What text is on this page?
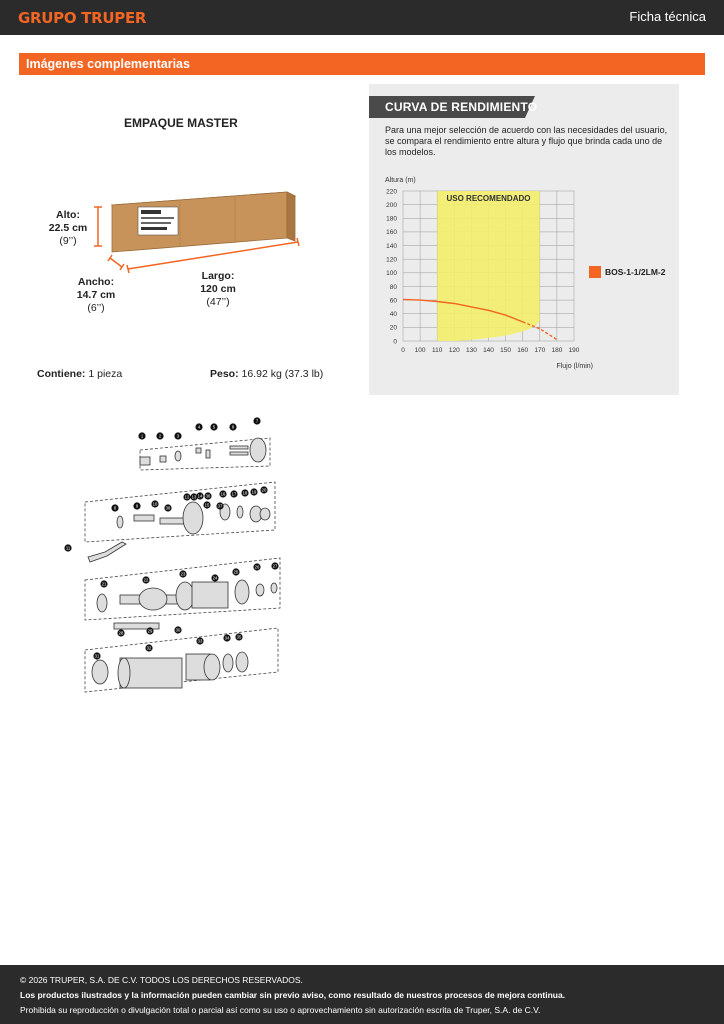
GRUPO TRUPER	Ficha técnica
Imágenes complementarias
EMPAQUE MASTER
Alto:
22.5 cm
(9’’)
Ancho:
14.7 cm
(6’’)
Largo:
120 cm
(47’’)
Contiene: 1 pieza	Peso: 16.92 kg (37.3 lb)
CURVA DE RENDIMIENTO
Para una mejor selección de acuerdo con las necesidades del usuario, se compara el rendimiento entre altura y flujo que brinda cada uno de los modelos.
0 100 110 120 130 140 150 160 170 180 190
0
20
40
60
80
100
120
140
160
180
200
220
Altura (m)
Flujo (l/min)
USO RECOMENDADO
BOS-1-1/2LM-2
1	2	3
4	5	6
7
8	9	10
11
12 13 14
15
16 17 18 19 20
21
22
23
24
25
26	27
28	29	30
31
32
33
34 35
36
37
38

© 2026 TRUPER, S.A. DE C.V. TODOS LOS DERECHOS RESERVADOS.

Los productos ilustrados y la información pueden cambiar sin previo aviso, como resultado de nuestros procesos de mejora continua.

Prohibida su reproducción o divulgación total o parcial así como su uso o aprovechamiento sin autorización escrita de Truper, S.A. de C.V.
